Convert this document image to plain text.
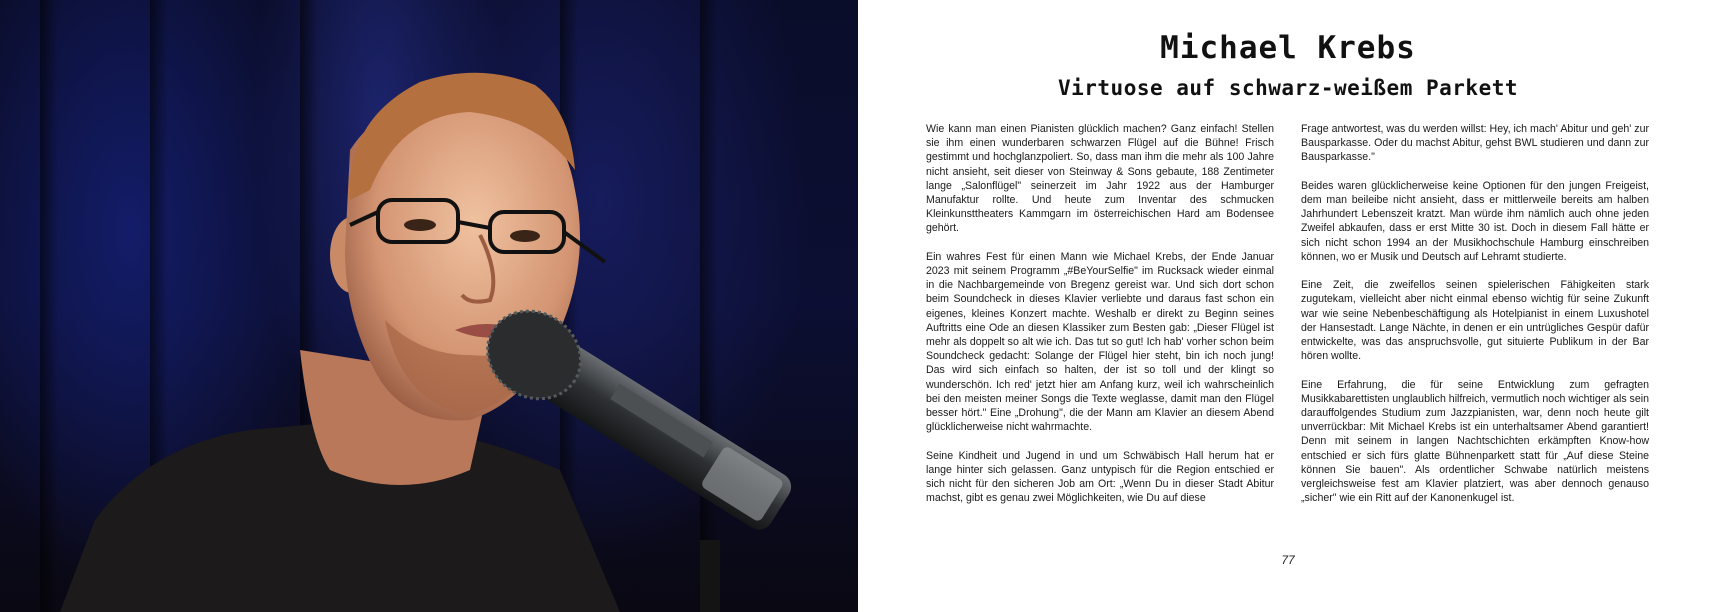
Michael Krebs
Virtuose auf schwarz-weißem Parkett

Wie kann man einen Pianisten glücklich machen? Ganz einfach! Stellen sie ihm einen wunderbaren schwarzen Flügel auf die Bühne! Frisch gestimmt und hochglanzpoliert. So, dass man ihm die mehr als 100 Jahre nicht ansieht, seit dieser von Steinway & Sons gebaute, 188 Zentimeter lange „Salonflügel" seinerzeit im Jahr 1922 aus der Hamburger Manufaktur rollte. Und heute zum Inventar des schmucken Kleinkunsttheaters Kammgarn im österreichischen Hard am Bodensee gehört.

Ein wahres Fest für einen Mann wie Michael Krebs, der Ende Januar 2023 mit seinem Programm „#BeYourSelfie" im Rucksack wieder einmal in die Nachbargemeinde von Bregenz gereist war. Und sich dort schon beim Soundcheck in dieses Klavier verliebte und daraus fast schon ein eigenes, kleines Konzert machte. Weshalb er direkt zu Beginn seines Auftritts eine Ode an diesen Klassiker zum Besten gab: „Dieser Flügel ist mehr als doppelt so alt wie ich. Das tut so gut! Ich hab' vorher schon beim Soundcheck gedacht: Solange der Flügel hier steht, bin ich noch jung! Das wird sich einfach so halten, der ist so toll und der klingt so wunderschön. Ich red' jetzt hier am Anfang kurz, weil ich wahrscheinlich bei den meisten meiner Songs die Texte weglasse, damit man den Flügel besser hört." Eine „Drohung", die der Mann am Klavier an diesem Abend glücklicherweise nicht wahrmachte.

Seine Kindheit und Jugend in und um Schwäbisch Hall herum hat er lange hinter sich gelassen. Ganz untypisch für die Region entschied er sich nicht für den sicheren Job am Ort: „Wenn Du in dieser Stadt Abitur machst, gibt es genau zwei Möglichkeiten, wie Du auf diese

Frage antwortest, was du werden willst: Hey, ich mach' Abitur und geh' zur Bausparkasse. Oder du machst Abitur, gehst BWL studieren und dann zur Bausparkasse."

Beides waren glücklicherweise keine Optionen für den jungen Freigeist, dem man beileibe nicht ansieht, dass er mittlerweile bereits am halben Jahrhundert Lebenszeit kratzt. Man würde ihm nämlich auch ohne jeden Zweifel abkaufen, dass er erst Mitte 30 ist. Doch in diesem Fall hätte er sich nicht schon 1994 an der Musikhochschule Hamburg einschreiben können, wo er Musik und Deutsch auf Lehramt studierte.

Eine Zeit, die zweifellos seinen spielerischen Fähigkeiten stark zugutekam, vielleicht aber nicht einmal ebenso wichtig für seine Zukunft war wie seine Nebenbeschäftigung als Hotelpianist in einem Luxushotel der Hansestadt. Lange Nächte, in denen er ein untrügliches Gespür dafür entwickelte, was das anspruchsvolle, gut situierte Publikum in der Bar hören wollte.

Eine Erfahrung, die für seine Entwicklung zum gefragten Musikkabarettisten unglaublich hilfreich, vermutlich noch wichtiger als sein darauffolgendes Studium zum Jazzpianisten, war, denn noch heute gilt unverrückbar: Mit Michael Krebs ist ein unterhaltsamer Abend garantiert! Denn mit seinem in langen Nachtschichten erkämpften Know-how entschied er sich fürs glatte Bühnenparkett statt für „Auf diese Steine können Sie bauen". Als ordentlicher Schwabe natürlich meistens vergleichsweise fest am Klavier platziert, was aber dennoch genauso „sicher" wie ein Ritt auf der Kanonenkugel ist.

77
